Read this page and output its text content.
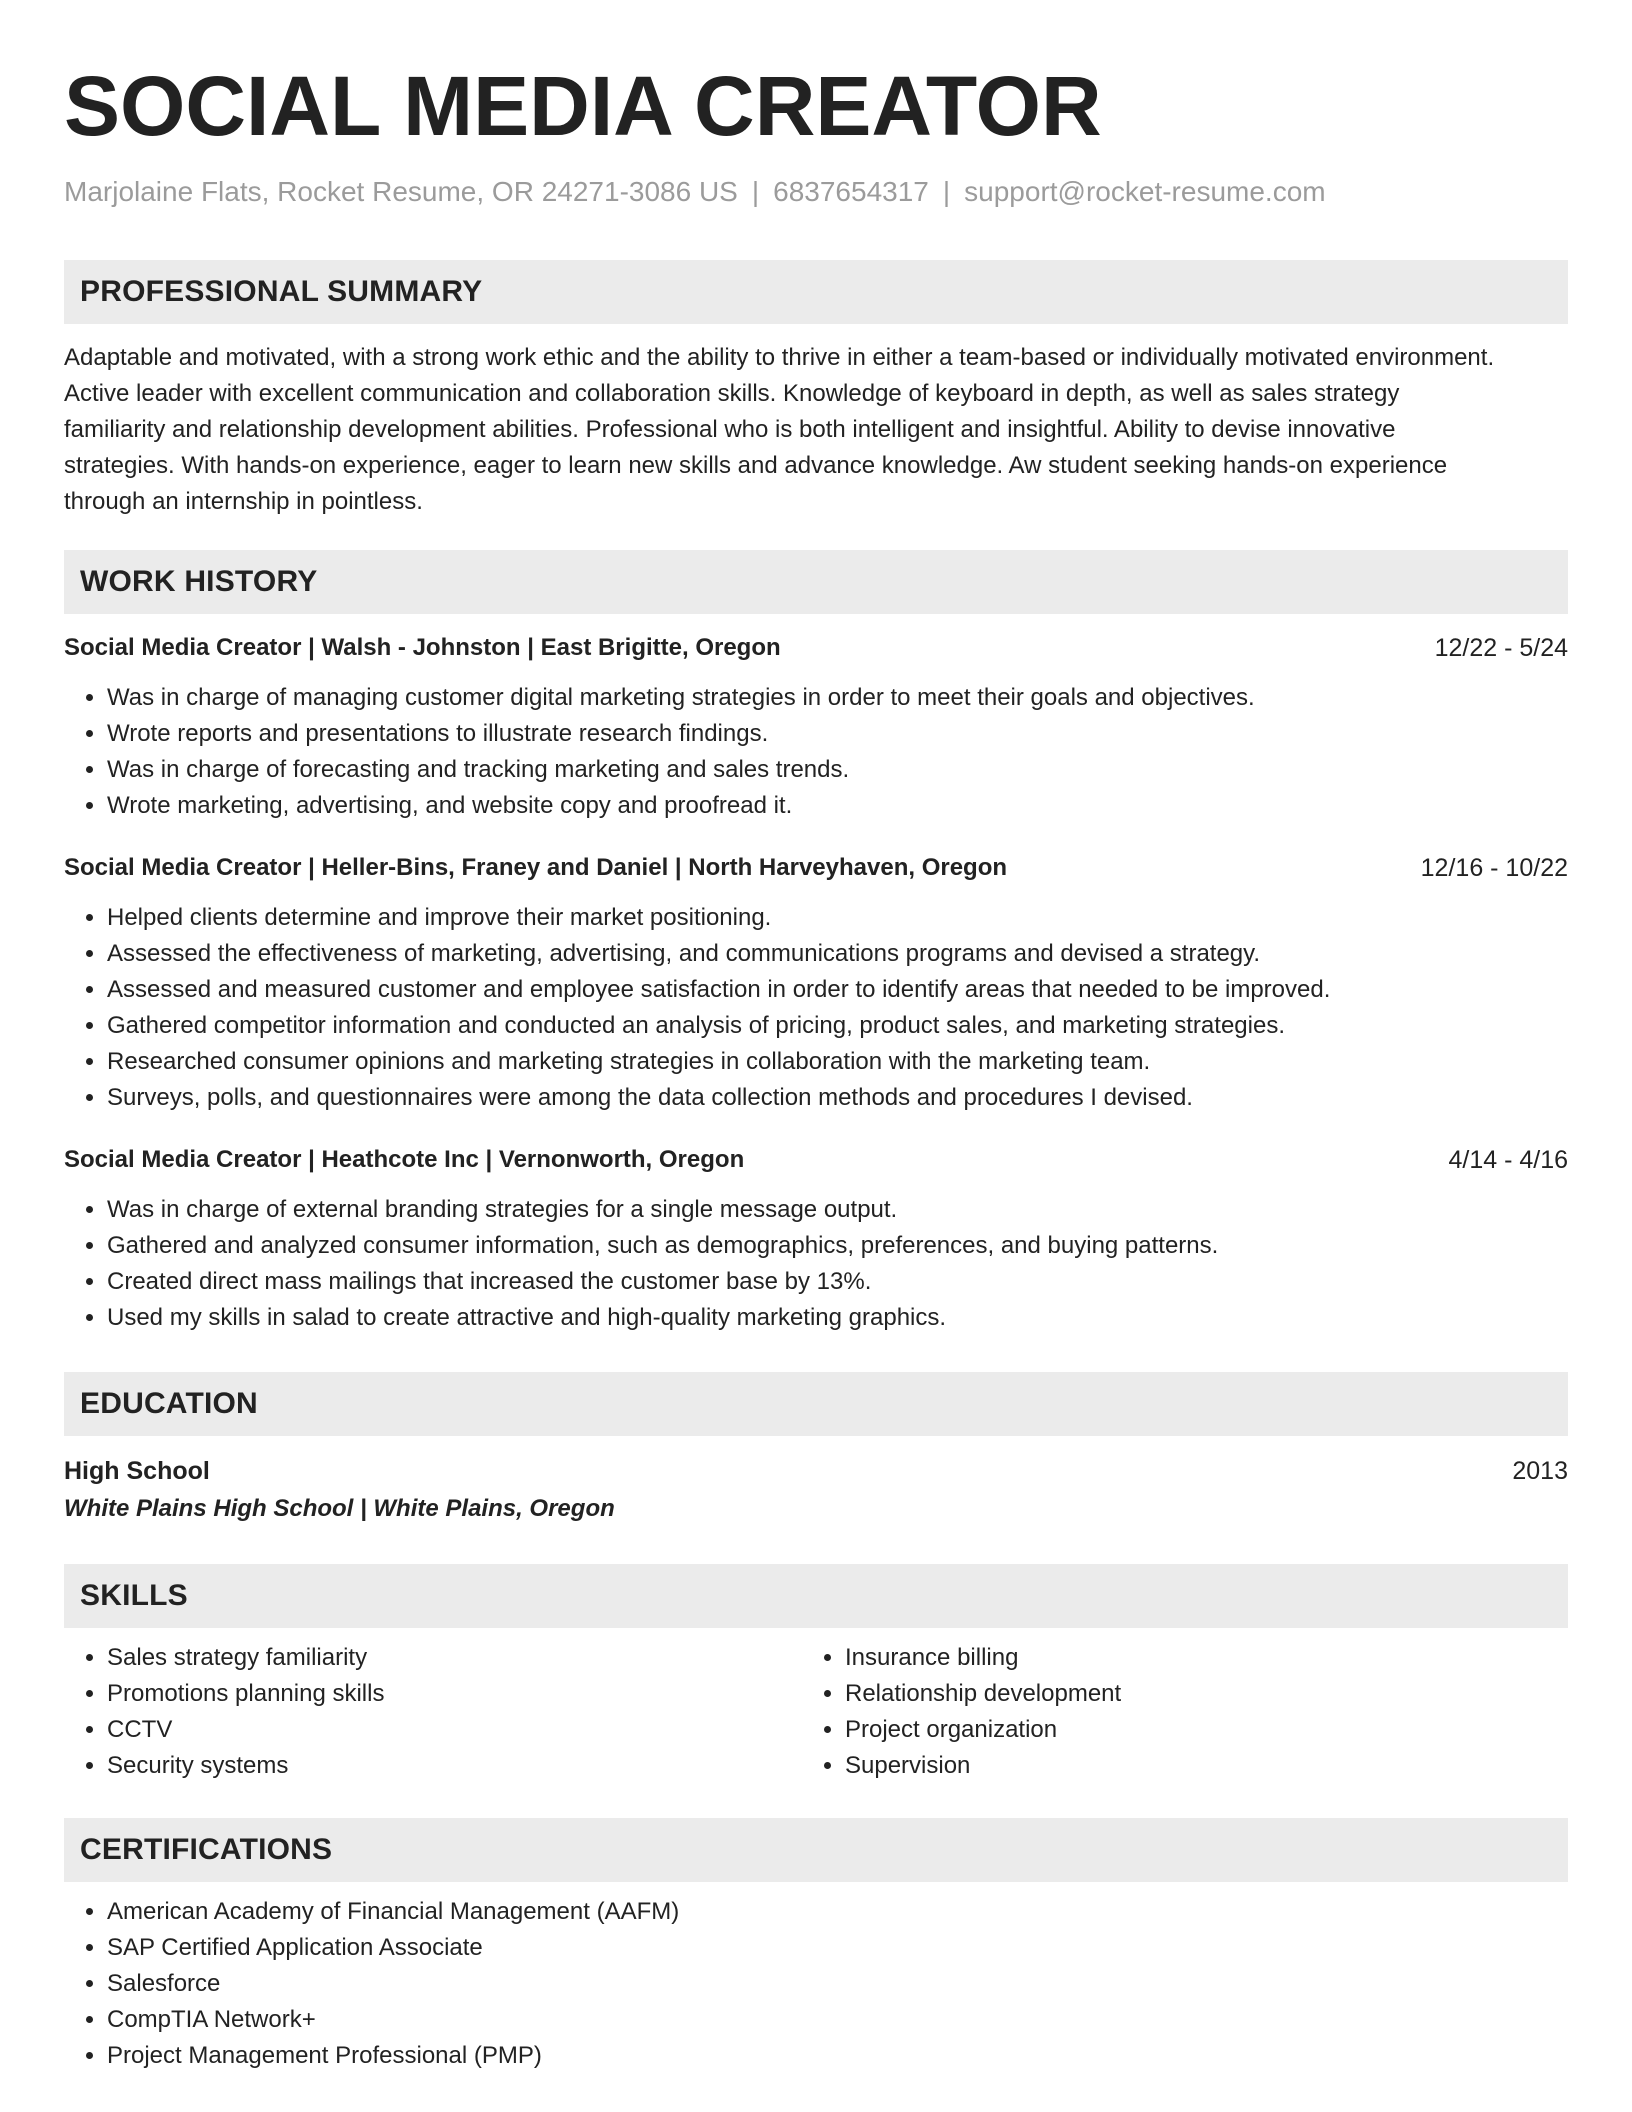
SOCIAL MEDIA CREATOR
Marjolaine Flats, Rocket Resume, OR 24271-3086 US | 6837654317 | support@rocket-resume.com
PROFESSIONAL SUMMARY
Adaptable and motivated, with a strong work ethic and the ability to thrive in either a team-based or individually motivated environment.
Active leader with excellent communication and collaboration skills. Knowledge of keyboard in depth, as well as sales strategy
familiarity and relationship development abilities. Professional who is both intelligent and insightful. Ability to devise innovative
strategies. With hands-on experience, eager to learn new skills and advance knowledge. Aw student seeking hands-on experience
through an internship in pointless.
WORK HISTORY
Social Media Creator | Walsh - Johnston | East Brigitte, Oregon	12/22 - 5/24
• Was in charge of managing customer digital marketing strategies in order to meet their goals and objectives.
• Wrote reports and presentations to illustrate research findings.
• Was in charge of forecasting and tracking marketing and sales trends.
• Wrote marketing, advertising, and website copy and proofread it.
Social Media Creator | Heller-Bins, Franey and Daniel | North Harveyhaven, Oregon	12/16 - 10/22
• Helped clients determine and improve their market positioning.
• Assessed the effectiveness of marketing, advertising, and communications programs and devised a strategy.
• Assessed and measured customer and employee satisfaction in order to identify areas that needed to be improved.
• Gathered competitor information and conducted an analysis of pricing, product sales, and marketing strategies.
• Researched consumer opinions and marketing strategies in collaboration with the marketing team.
• Surveys, polls, and questionnaires were among the data collection methods and procedures I devised.
Social Media Creator | Heathcote Inc | Vernonworth, Oregon	4/14 - 4/16
• Was in charge of external branding strategies for a single message output.
• Gathered and analyzed consumer information, such as demographics, preferences, and buying patterns.
• Created direct mass mailings that increased the customer base by 13%.
• Used my skills in salad to create attractive and high-quality marketing graphics.
EDUCATION
High School	2013
White Plains High School | White Plains, Oregon
SKILLS
• Sales strategy familiarity
• Promotions planning skills
• CCTV
• Security systems
• Insurance billing
• Relationship development
• Project organization
• Supervision
CERTIFICATIONS
• American Academy of Financial Management (AAFM)
• SAP Certified Application Associate
• Salesforce
• CompTIA Network+
• Project Management Professional (PMP)
